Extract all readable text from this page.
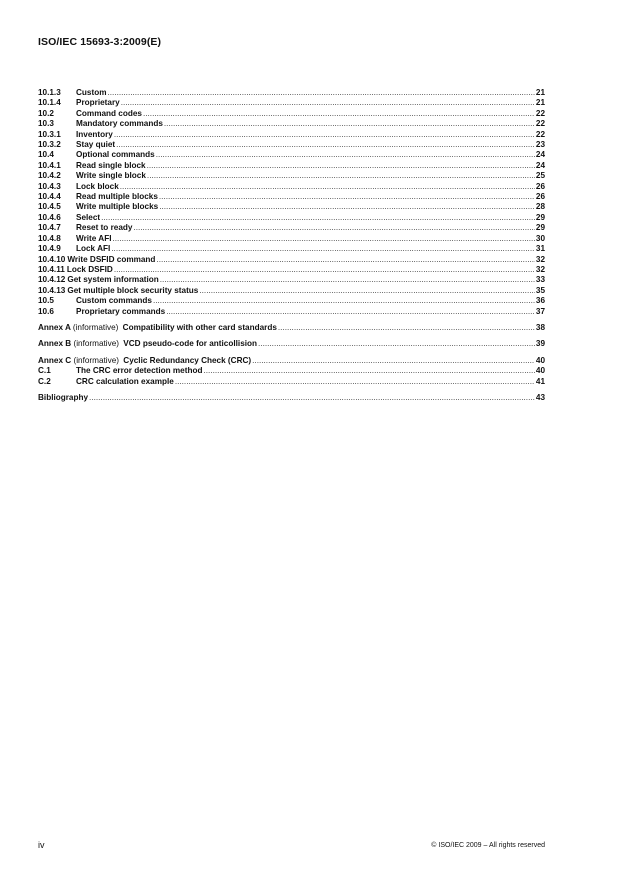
ISO/IEC 15693-3:2009(E)
10.1.3	Custom .....	21
10.1.4	Proprietary .....	21
10.2	Command codes .....	22
10.3	Mandatory commands .....	22
10.3.1	Inventory .....	22
10.3.2	Stay quiet .....	23
10.4	Optional commands .....	24
10.4.1	Read single block .....	24
10.4.2	Write single block .....	25
10.4.3	Lock block .....	26
10.4.4	Read multiple blocks .....	26
10.4.5	Write multiple blocks .....	28
10.4.6	Select .....	29
10.4.7	Reset to ready .....	29
10.4.8	Write AFI .....	30
10.4.9	Lock AFI .....	31
10.4.10 Write DSFID command .....	32
10.4.11 Lock DSFID .....	32
10.4.12 Get system information .....	33
10.4.13 Get multiple block security status .....	35
10.5	Custom commands .....	36
10.6	Proprietary commands .....	37
Annex A (informative) Compatibility with other card standards .....	38
Annex B (informative) VCD pseudo-code for anticollision .....	39
Annex C (informative) Cyclic Redundancy Check (CRC) .....	40
C.1	The CRC error detection method .....	40
C.2	CRC calculation example .....	41
Bibliography .....	43
iv	© ISO/IEC 2009 – All rights reserved
